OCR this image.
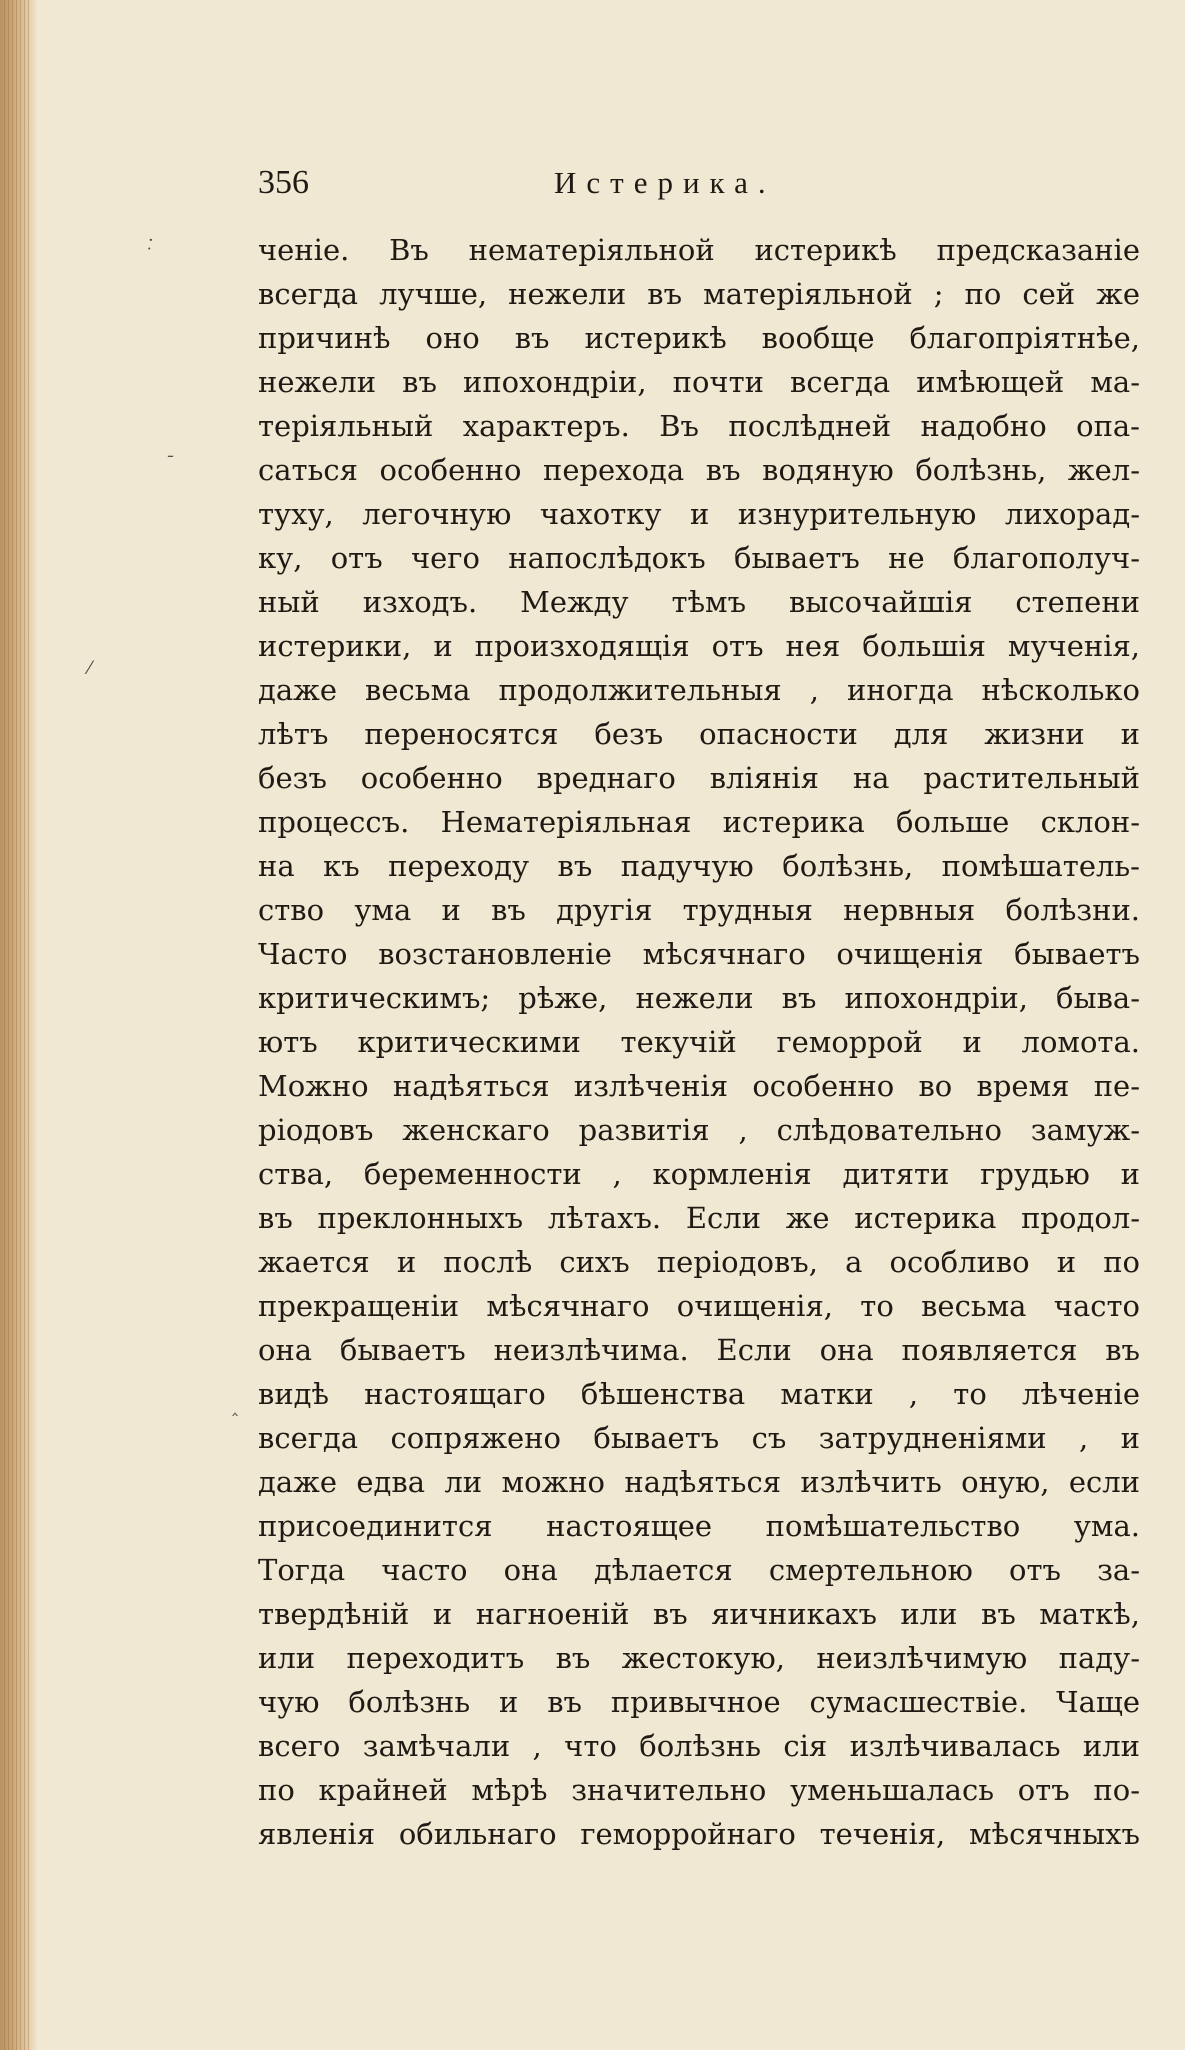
356	Истерика.
·̣
ˉ
⁄
‸
ченіе. Въ нематеріяльной истерикѣ предсказаніе
всегда лучше, нежели въ матеріяльной ; по сей же
причинѣ оно въ истерикѣ вообще благопріятнѣе,
нежели въ ипохондріи, почти всегда имѣющей ма-
теріяльный характеръ. Въ послѣдней надобно опа-
саться особенно перехода въ водяную болѣзнь, жел-
туху, легочную чахотку и изнурительную лихорад-
ку, отъ чего напослѣдокъ бываетъ не благополуч-
ный изходъ. Между тѣмъ высочайшія степени
истерики, и произходящія отъ нея большія мученія,
даже весьма продолжительныя , иногда нѣсколько
лѣтъ переносятся безъ опасности для жизни и
безъ особенно вреднаго вліянія на растительный
процессъ. Нематеріяльная истерика больше склон-
на къ переходу въ падучую болѣзнь, помѣшатель-
ство ума и въ другія трудныя нервныя болѣзни.
Часто возстановленіе мѣсячнаго очищенія бываетъ
критическимъ; рѣже, нежели въ ипохондріи, быва-
ютъ критическими текучій геморрой и ломота.
Можно надѣяться излѣченія особенно во время пе-
ріодовъ женскаго развитія , слѣдовательно замуж-
ства, беременности , кормленія дитяти грудью и
въ преклонныхъ лѣтахъ. Если же истерика продол-
жается и послѣ сихъ періодовъ, а особливо и по
прекращеніи мѣсячнаго очищенія, то весьма часто
она бываетъ неизлѣчима. Если она появляется въ
видѣ настоящаго бѣшенства матки , то лѣченіе
всегда сопряжено бываетъ съ затрудненіями , и
даже едва ли можно надѣяться излѣчить оную, если
присоединится настоящее помѣшательство ума.
Тогда часто она дѣлается смертельною отъ за-
твердѣній и нагноеній въ яичникахъ или въ маткѣ,
или переходитъ въ жестокую, неизлѣчимую паду-
чую болѣзнь и въ привычное сумасшествіе. Чаще
всего замѣчали , что болѣзнь сія излѣчивалась или
по крайней мѣрѣ значительно уменьшалась отъ по-
явленія обильнаго геморройнаго теченія, мѣсячныхъ
